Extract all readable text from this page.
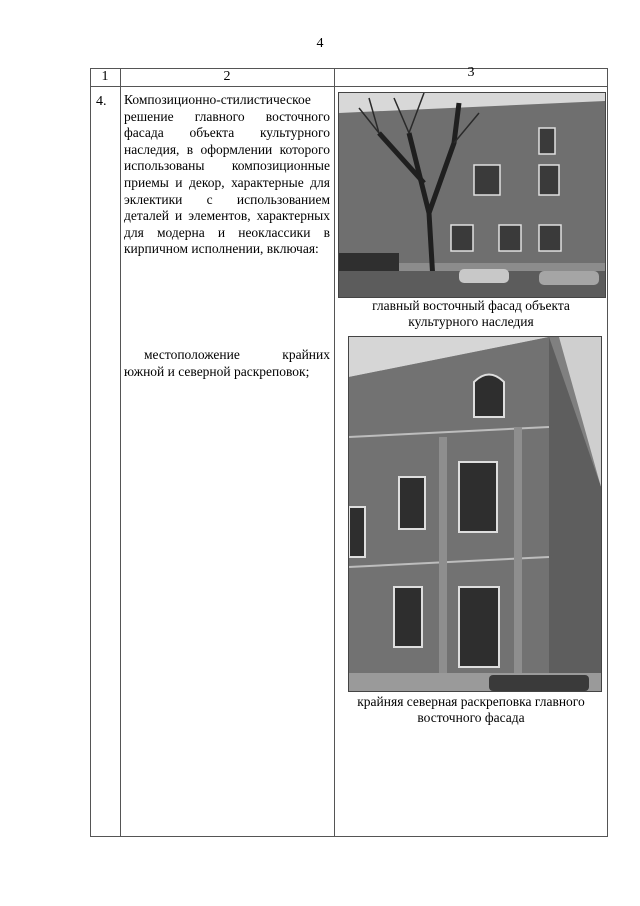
4
1	2	3
4. Композиционно-стилистическое решение главного восточного фасада объекта культурного наследия, в оформлении которого использованы композиционные приемы и декор, характерные для эклектики с использованием деталей и элементов, характерных для модерна и неоклассики в кирпичном исполнении, включая:
местоположение крайних южной и северной раскреповок;
главный восточный фасад объекта культурного наследия
крайняя северная раскреповка главного восточного фасада
